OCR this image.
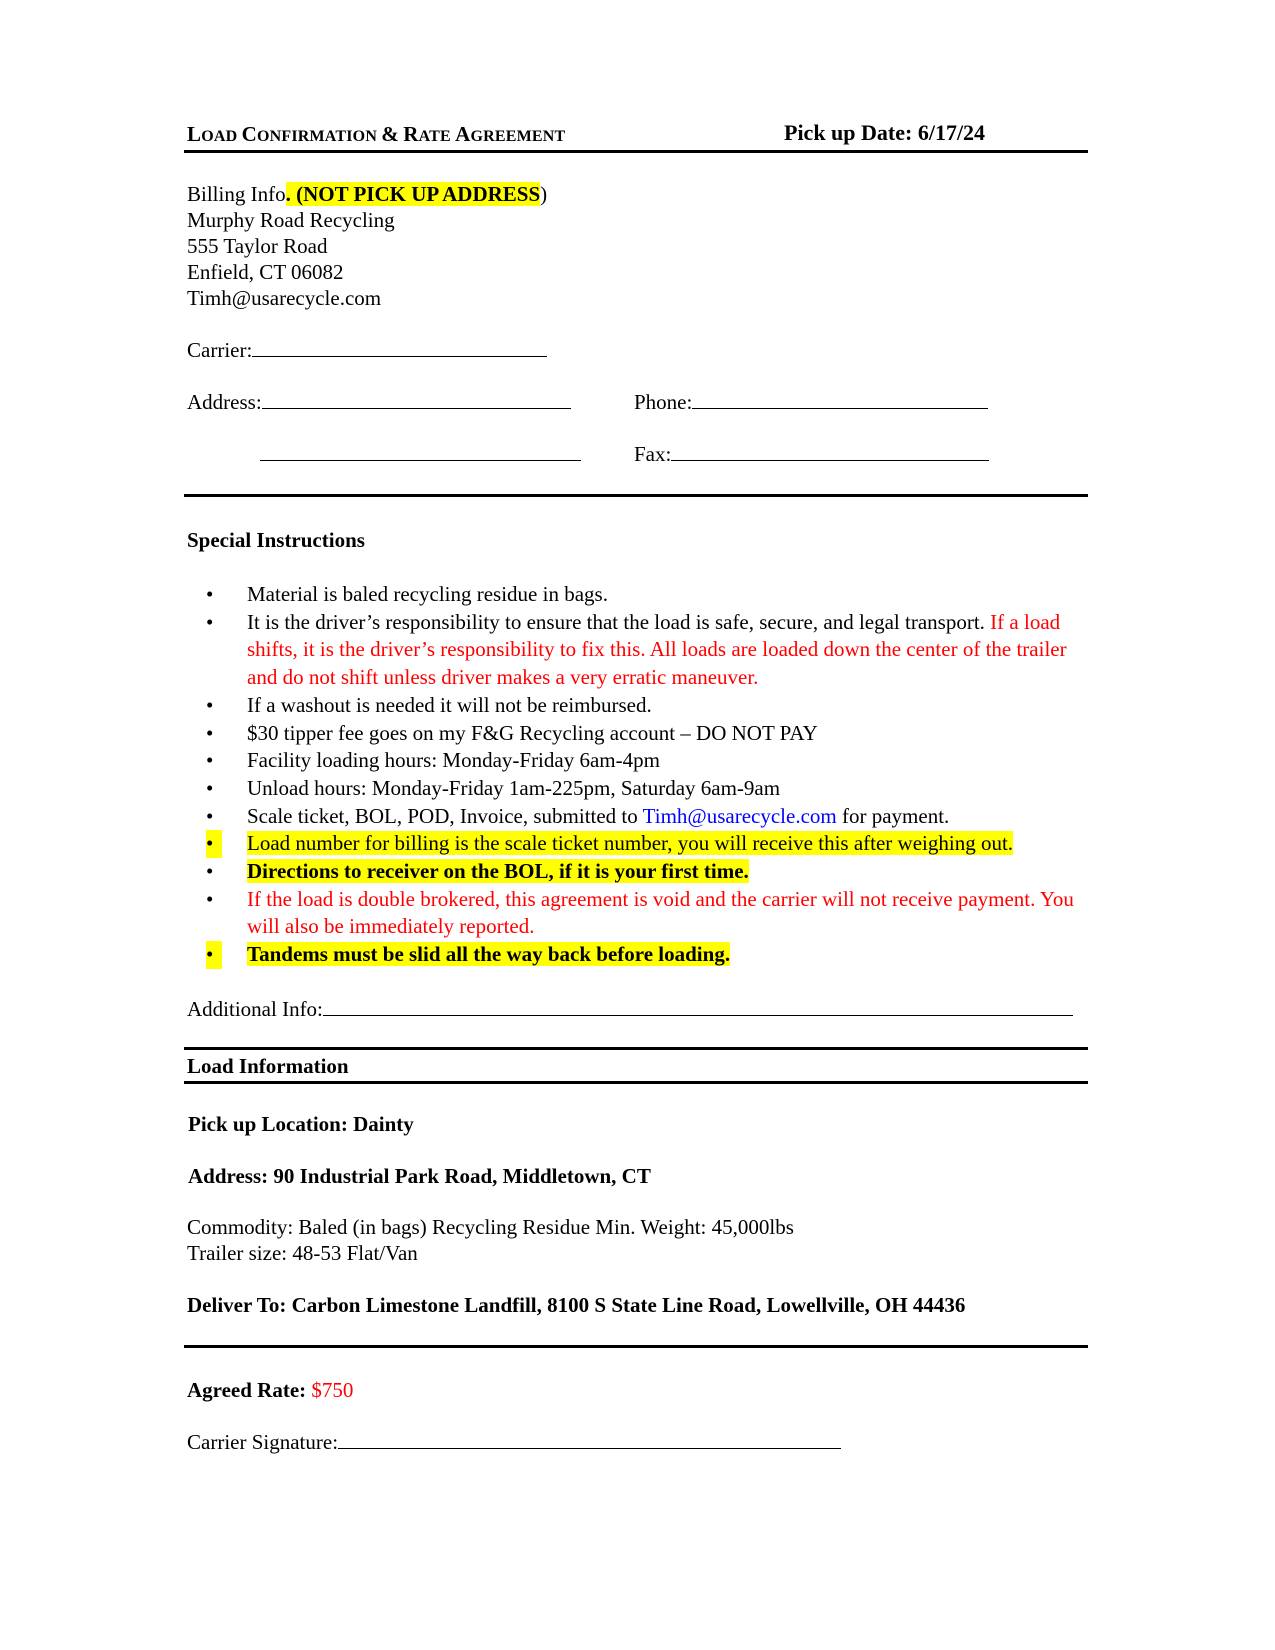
LOAD CONFIRMATION & RATE AGREEMENT	Pick up Date: 6/17/24
Billing Info. (NOT PICK UP ADDRESS)
Murphy Road Recycling
555 Taylor Road
Enfield, CT 06082
Timh@usarecycle.com
Carrier:
Address:	Phone:
Fax:
Special Instructions
•	Material is baled recycling residue in bags.
•	It is the driver’s responsibility to ensure that the load is safe, secure, and legal transport. If a load shifts, it is the driver’s responsibility to fix this. All loads are loaded down the center of the trailer and do not shift unless driver makes a very erratic maneuver.
•	If a washout is needed it will not be reimbursed.
•	$30 tipper fee goes on my F&G Recycling account – DO NOT PAY
•	Facility loading hours: Monday-Friday 6am-4pm
•	Unload hours: Monday-Friday 1am-225pm, Saturday 6am-9am
•	Scale ticket, BOL, POD, Invoice, submitted to Timh@usarecycle.com for payment.
•	Load number for billing is the scale ticket number, you will receive this after weighing out.
•	Directions to receiver on the BOL, if it is your first time.
•	If the load is double brokered, this agreement is void and the carrier will not receive payment. You will also be immediately reported.
•	Tandems must be slid all the way back before loading.
Additional Info:
Load Information
Pick up Location: Dainty
Address: 90 Industrial Park Road, Middletown, CT
Commodity: Baled (in bags) Recycling Residue Min. Weight: 45,000lbs
Trailer size: 48-53 Flat/Van
Deliver To: Carbon Limestone Landfill, 8100 S State Line Road, Lowellville, OH 44436
Agreed Rate: $750
Carrier Signature:
